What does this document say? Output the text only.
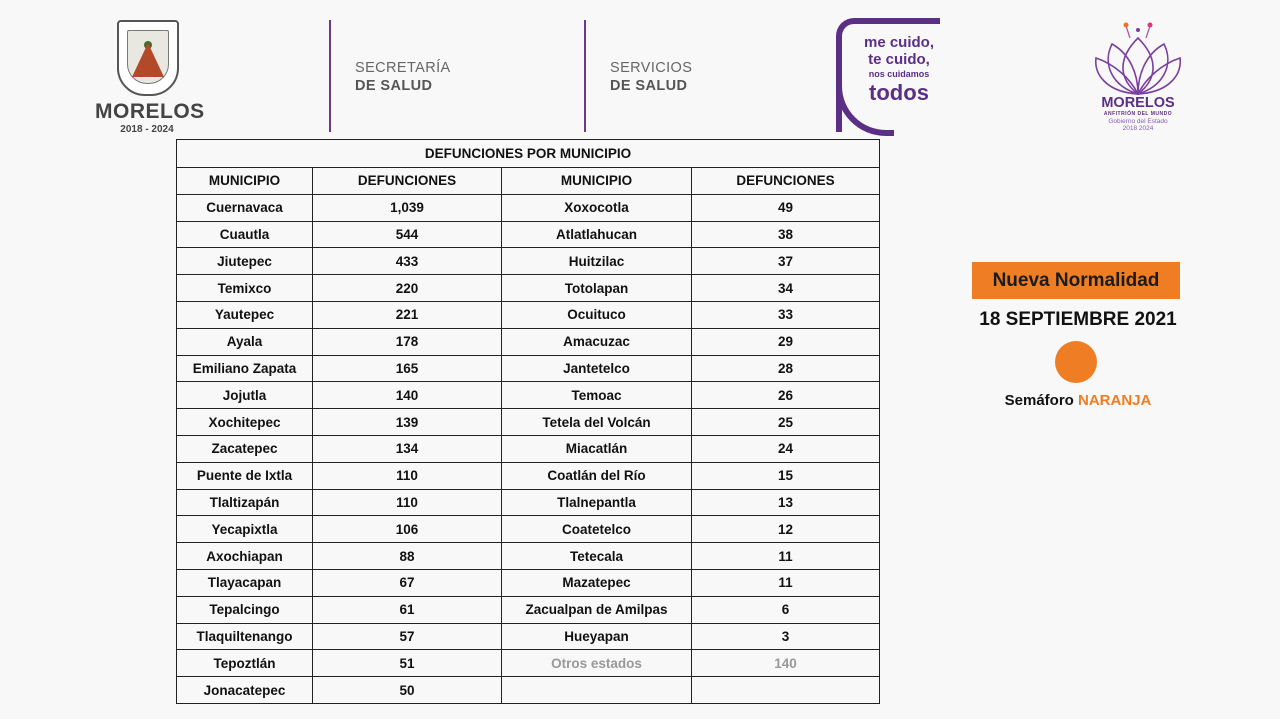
MORELOS
2018 - 2024
SECRETARÍA
DE SALUD
SERVICIOS
DE SALUD
me cuido,
te cuido,
nos cuidamos
todos	MORELOS
ANFITRIÓN DEL MUNDO
Gobierno del Estado
2018 2024
DEFUNCIONES POR MUNICIPIO			
MUNICIPIO	DEFUNCIONES	MUNICIPIO	DEFUNCIONES
Cuernavaca	1,039	Xoxocotla	49
Cuautla	544	Atlatlahucan	38
Jiutepec	433	Huitzilac	37
Temixco	220	Totolapan	34
Yautepec	221	Ocuituco	33
Ayala	178	Amacuzac	29
Emiliano Zapata	165	Jantetelco	28
Jojutla	140	Temoac	26
Xochitepec	139	Tetela del Volcán	25
Zacatepec	134	Miacatlán	24
Puente de Ixtla	110	Coatlán del Río	15
Tlaltizapán	110	Tlalnepantla	13
Yecapixtla	106	Coatetelco	12
Axochiapan	88	Tetecala	11
Tlayacapan	67	Mazatepec	11
Tepalcingo	61	Zacualpan de Amilpas	6
Tlaquiltenango	57	Hueyapan	3
Tepoztlán	51	Otros estados	140
Jonacatepec	50		
Nueva Normalidad
18 SEPTIEMBRE 2021
Semáforo NARANJA
